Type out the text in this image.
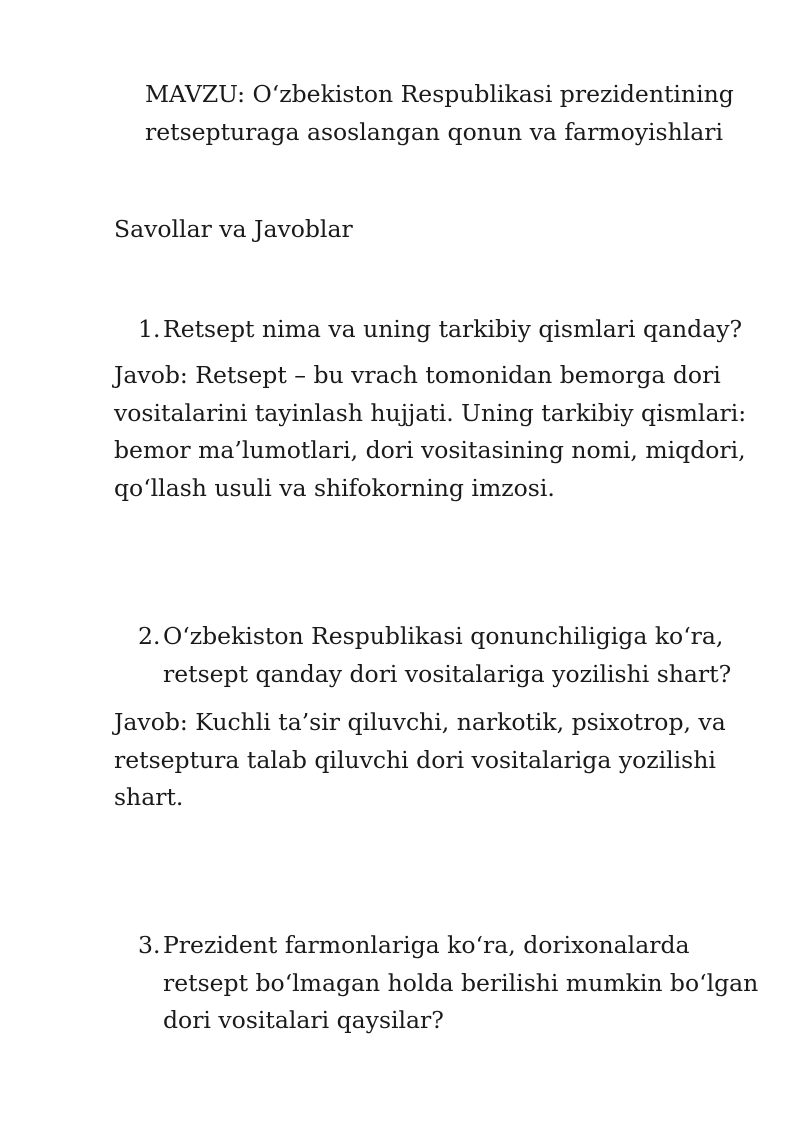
MAVZU: O‘zbekiston Respublikasi prezidentining

retsepturaga asoslangan qonun va farmoyishlari

Savollar va Javoblar
1. Retsept nima va uning tarkibiy qismlari qanday?
Javob: Retsept – bu vrach tomonidan bemorga dori
vositalarini tayinlash hujjati. Uning tarkibiy qismlari:
bemor ma’lumotlari, dori vositasining nomi, miqdori,
qo‘llash usuli va shifokorning imzosi.
2. O‘zbekiston Respublikasi qonunchiligiga ko‘ra,
retsept qanday dori vositalariga yozilishi shart?
Javob: Kuchli ta’sir qiluvchi, narkotik, psixotrop, va
retseptura talab qiluvchi dori vositalariga yozilishi
shart.
3. Prezident farmonlariga ko‘ra, dorixonalarda
retsept bo‘lmagan holda berilishi mumkin bo‘lgan
dori vositalari qaysilar?
